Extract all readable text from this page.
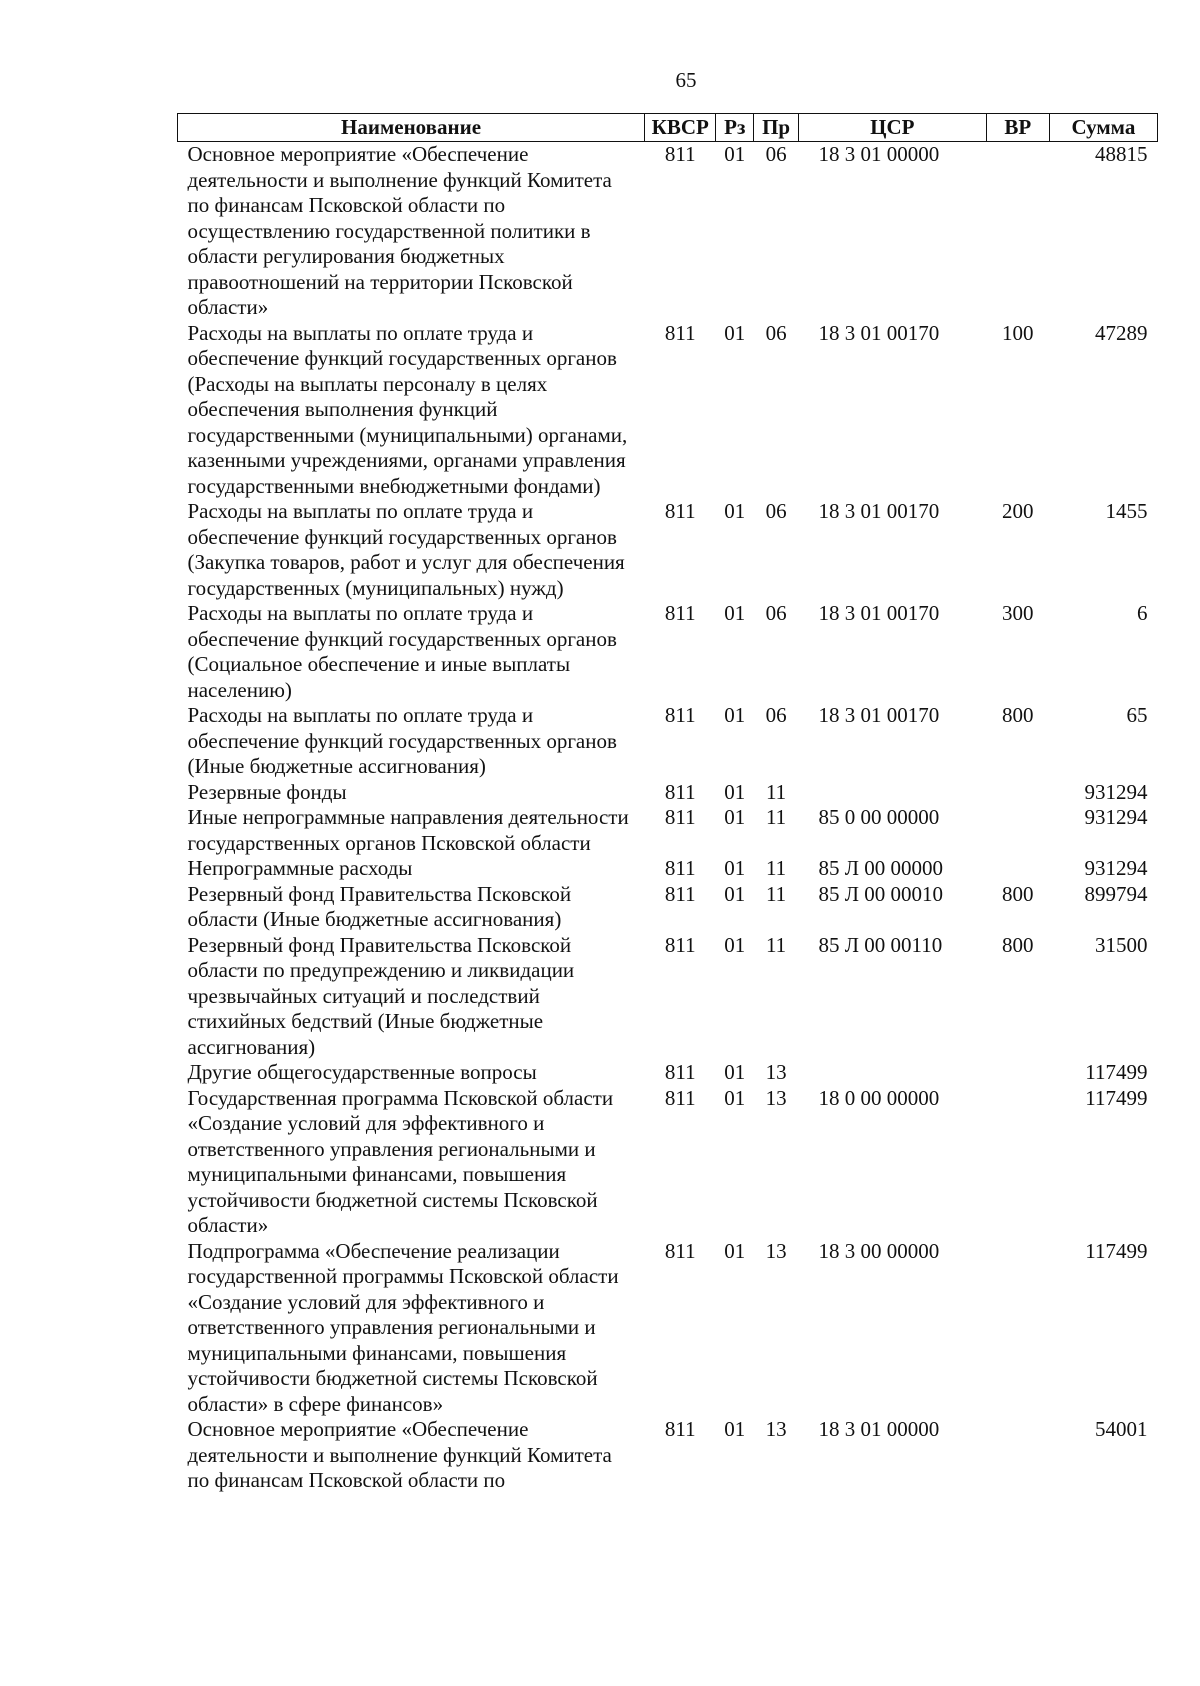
65
Наименование	КВСР	Рз	Пр	ЦСР	ВР	Сумма
Основное мероприятие «Обеспечение деятельности и выполнение функций Комитета по финансам Псковской области по осуществлению государственной политики в области регулирования бюджетных правоотношений на территории Псковской области»	811	01	06	18 3 01 00000		48815
Расходы на выплаты по оплате труда и обеспечение функций государственных органов (Расходы на выплаты персоналу в целях обеспечения выполнения функций государственными (муниципальными) органами, казенными учреждениями, органами управления государственными внебюджетными фондами)	811	01	06	18 3 01 00170	100	47289
Расходы на выплаты по оплате труда и обеспечение функций государственных органов (Закупка товаров, работ и услуг для обеспечения государственных (муниципальных) нужд)	811	01	06	18 3 01 00170	200	1455
Расходы на выплаты по оплате труда и обеспечение функций государственных органов (Социальное обеспечение и иные выплаты населению)	811	01	06	18 3 01 00170	300	6
Расходы на выплаты по оплате труда и обеспечение функций государственных органов (Иные бюджетные ассигнования)	811	01	06	18 3 01 00170	800	65
Резервные фонды	811	01	11			931294
Иные непрограммные направления деятельности государственных органов Псковской области	811	01	11	85 0 00 00000		931294
Непрограммные расходы	811	01	11	85 Л 00 00000		931294
Резервный фонд Правительства Псковской области (Иные бюджетные ассигнования)	811	01	11	85 Л 00 00010	800	899794
Резервный фонд Правительства Псковской области по предупреждению и ликвидации чрезвычайных ситуаций и последствий стихийных бедствий (Иные бюджетные ассигнования)	811	01	11	85 Л 00 00110	800	31500
Другие общегосударственные вопросы	811	01	13			117499
Государственная программа Псковской области «Создание условий для эффективного и ответственного управления региональными и муниципальными финансами, повышения устойчивости бюджетной системы Псковской области»	811	01	13	18 0 00 00000		117499
Подпрограмма «Обеспечение реализации государственной программы Псковской области «Создание условий для эффективного и ответственного управления региональными и муниципальными финансами, повышения устойчивости бюджетной системы Псковской области» в сфере финансов»	811	01	13	18 3 00 00000		117499
Основное мероприятие «Обеспечение деятельности и выполнение функций Комитета по финансам Псковской области по	811	01	13	18 3 01 00000		54001
